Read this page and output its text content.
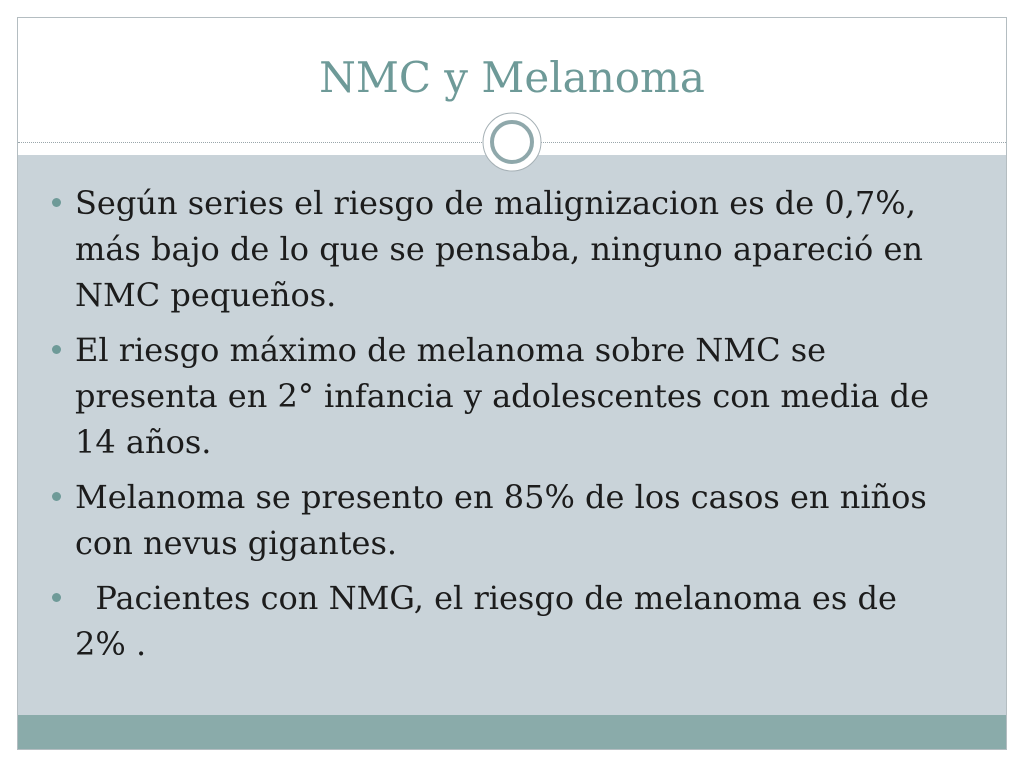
NMC y Melanoma
Según series el riesgo de malignizacion es de 0,7%,
más bajo de lo que se pensaba, ninguno apareció en
NMC pequeños.
El riesgo máximo de melanoma sobre NMC se
presenta en 2° infancia y adolescentes con media de
14 años.
Melanoma se presento en 85% de los casos en niños
con nevus gigantes.
Pacientes con NMG, el riesgo de melanoma es de
2% .
